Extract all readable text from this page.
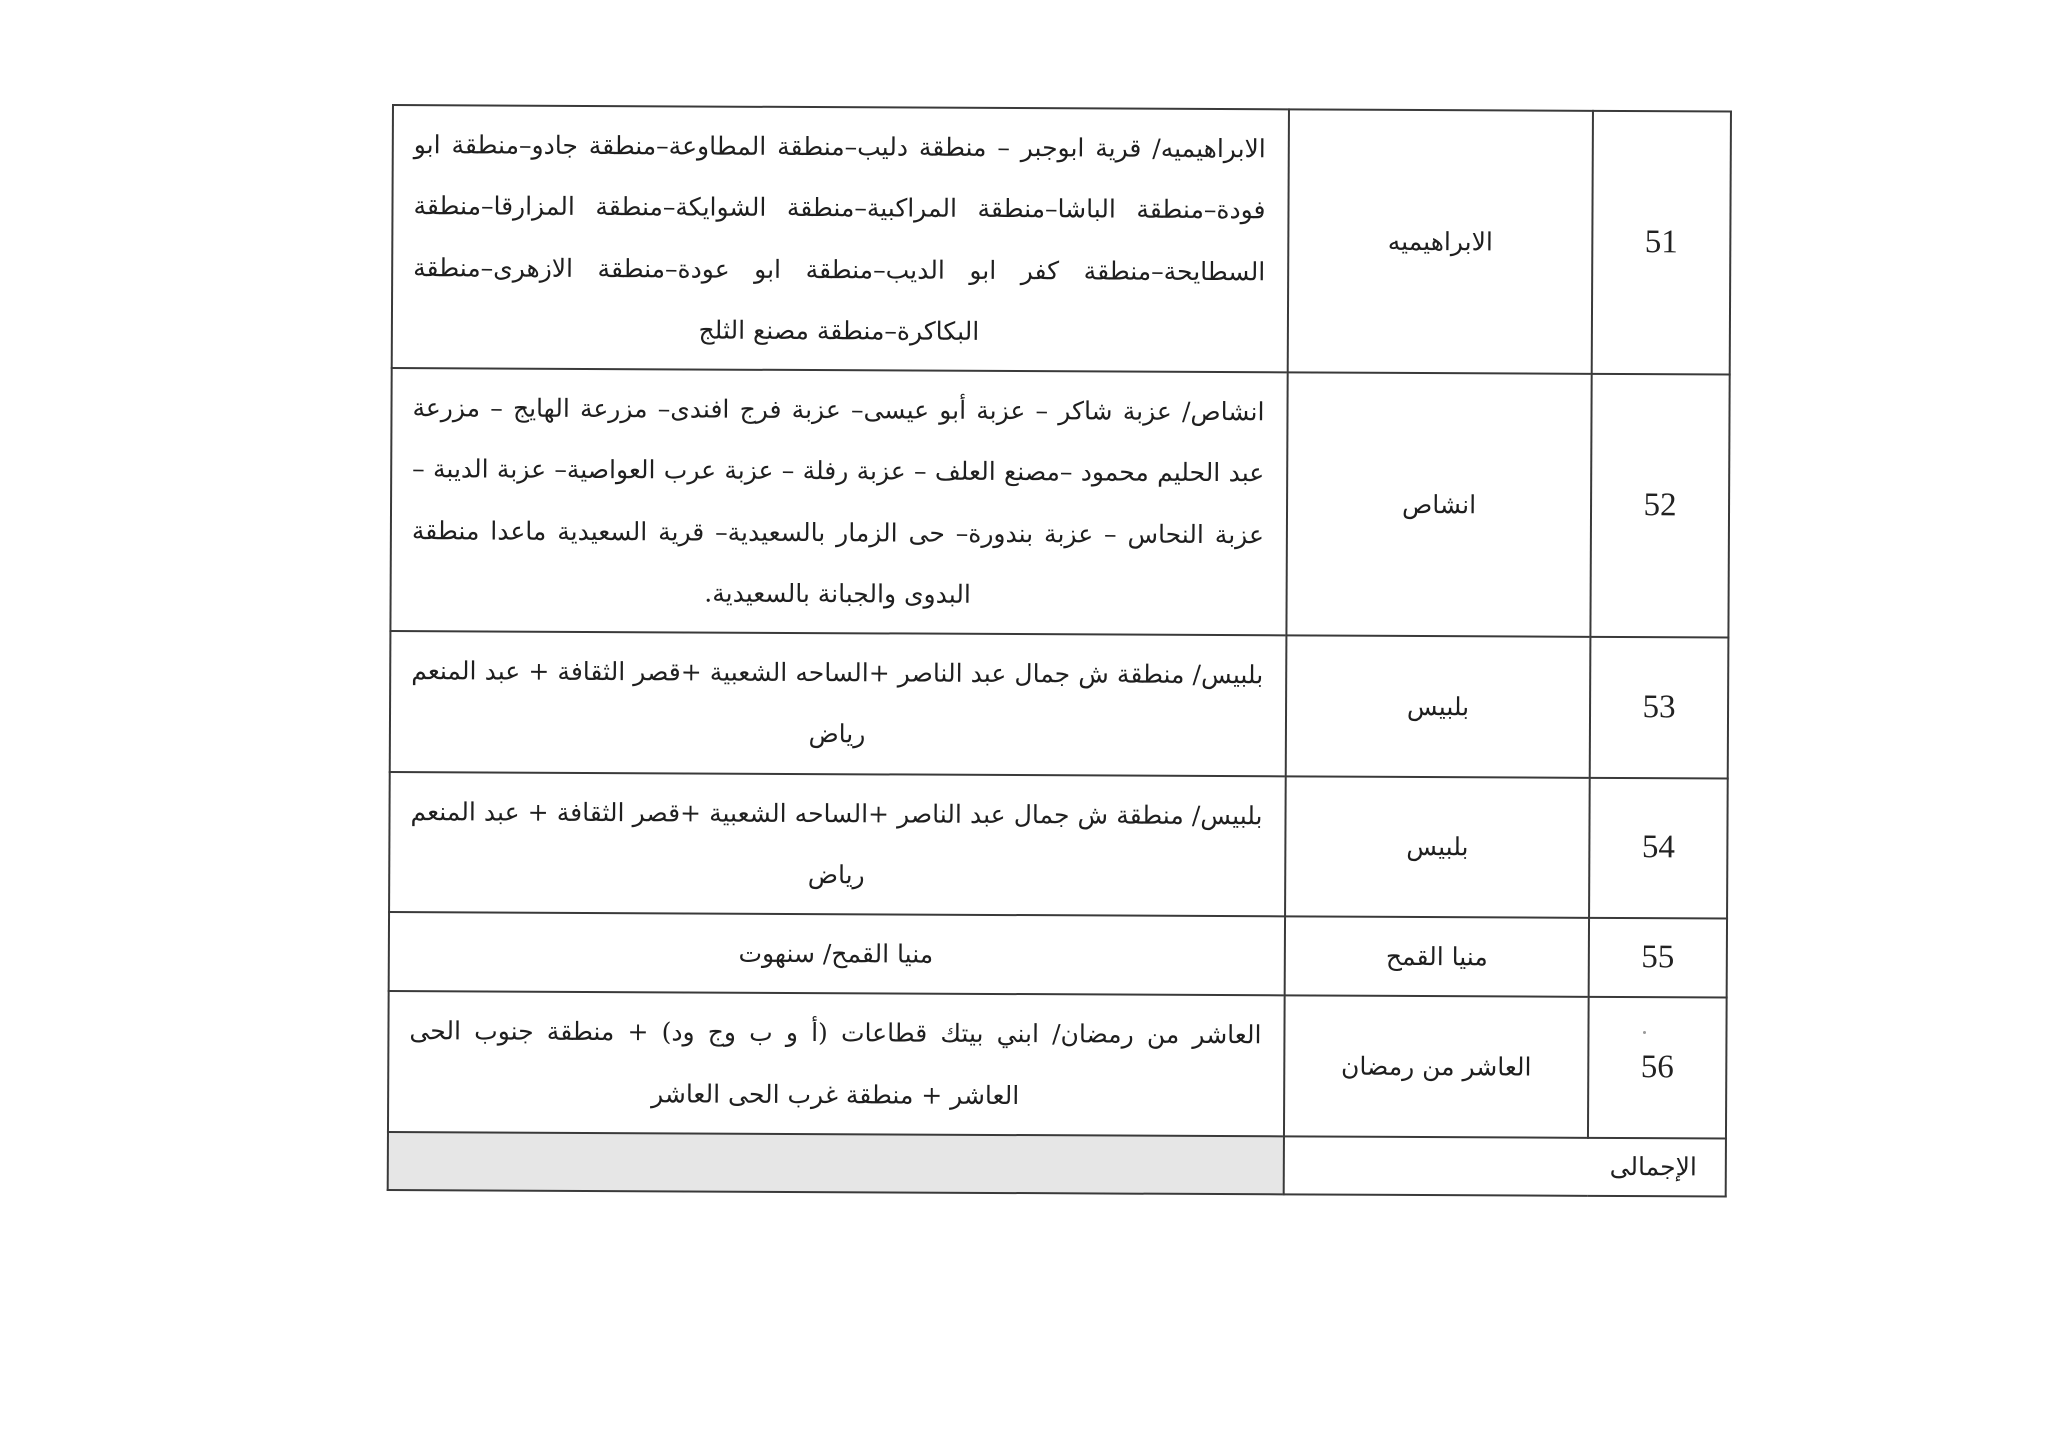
51	الابراهيميه	الابراهيميه/ قرية ابوجبر – منطقة دليب–منطقة المطاوعة–منطقة جادو–منطقة ابو فودة–منطقة الباشا–منطقة المراكبية–منطقة الشوايكة–منطقة المزارقا–منطقة السطايحة–منطقة كفر ابو الديب–منطقة ابو عودة–منطقة الازهرى–منطقة البكاكرة–منطقة مصنع الثلج
52	انشاص	انشاص/ عزبة شاكر – عزبة أبو عيسى– عزبة فرج افندى– مزرعة الهايج – مزرعة عبد الحليم محمود –مصنع العلف – عزبة رفلة – عزبة عرب العواصية– عزبة الديبة – عزبة النحاس – عزبة بندورة– حى الزمار بالسعيدية– قرية السعيدية ماعدا منطقة البدوى والجبانة بالسعيدية.
53	بلبيس	بلبيس/ منطقة ش جمال عبد الناصر +الساحه الشعبية +قصر الثقافة + عبد المنعم رياض
54	بلبيس	بلبيس/ منطقة ش جمال عبد الناصر +الساحه الشعبية +قصر الثقافة + عبد المنعم رياض
55	منيا القمح	منيا القمح/ سنهوت
56	العاشر من رمضان	العاشر من رمضان/ ابني بيتك قطاعات (أ و ب وج ود) + منطقة جنوب الحى العاشر + منطقة غرب الحى العاشر
الإجمالى		
